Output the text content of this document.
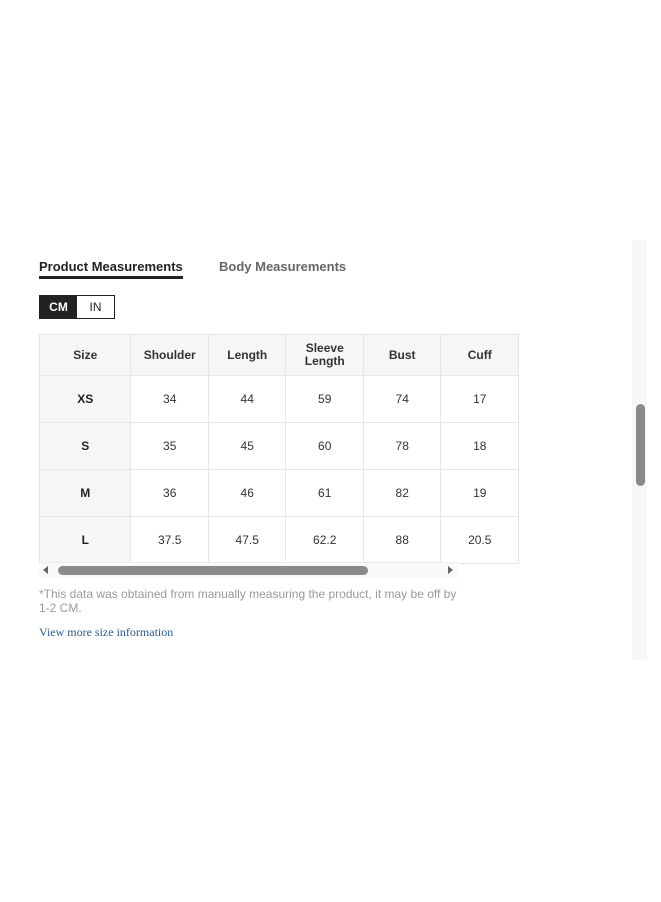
Product Measurements	Body Measurements
CM	IN
Size	Shoulder	Length	Sleeve Length	Bust	Cuff
XS	34	44	59	74	17
S	35	45	60	78	18
M	36	46	61	82	19
L	37.5	47.5	62.2	88	20.5

*This data was obtained from manually measuring the product, it may be off by 1-2 CM.

View more size information
